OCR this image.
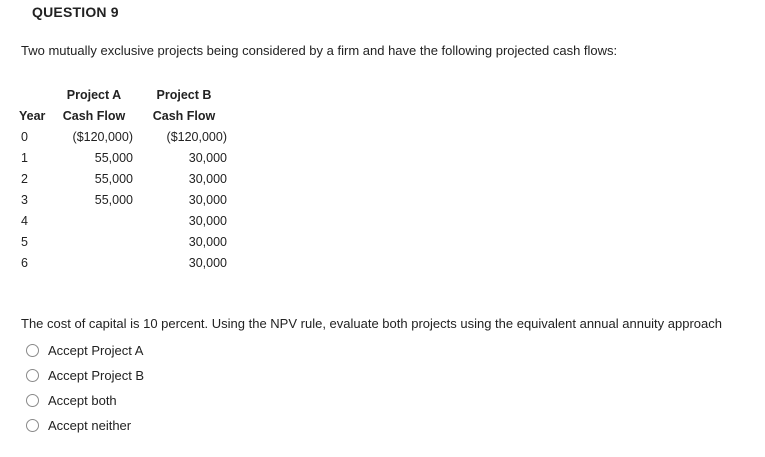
QUESTION 9
Two mutually exclusive projects being considered by a firm and have the following projected cash flows:
	Project A	Project B
Year	Cash Flow	Cash Flow
0	($120,000)	($120,000)
1	55,000	30,000
2	55,000	30,000
3	55,000	30,000
4		30,000
5		30,000
6		30,000
The cost of capital is 10 percent. Using the NPV rule, evaluate both projects using the equivalent annual annuity approach
Accept Project A
Accept Project B
Accept both
Accept neither
